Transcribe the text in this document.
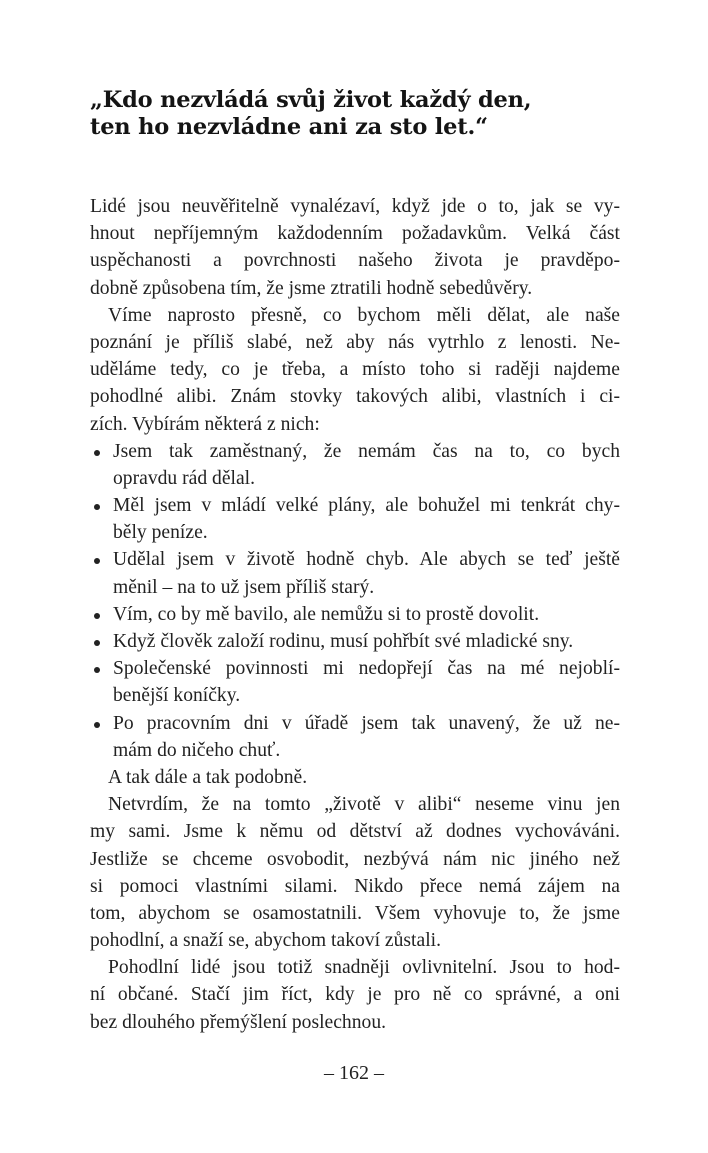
„Kdo nezvládá svůj život každý den,
ten ho nezvládne ani za sto let.“
Lidé jsou neuvěřitelně vynalézaví, když jde o to, jak se vy-
hnout nepříjemným každodenním požadavkům. Velká část
uspěchanosti a povrchnosti našeho života je pravděpo-
dobně způsobena tím, že jsme ztratili hodně sebedůvěry.
Víme naprosto přesně, co bychom měli dělat, ale naše
poznání je příliš slabé, než aby nás vytrhlo z lenosti. Ne-
uděláme tedy, co je třeba, a místo toho si raději najdeme
pohodlné alibi. Znám stovky takových alibi, vlastních i ci-
zích. Vybírám některá z nich:
Jsem tak zaměstnaný, že nemám čas na to, co bych
opravdu rád dělal.
Měl jsem v mládí velké plány, ale bohužel mi tenkrát chy-
běly peníze.
Udělal jsem v životě hodně chyb. Ale abych se teď ještě
měnil – na to už jsem příliš starý.
Vím, co by mě bavilo, ale nemůžu si to prostě dovolit.
Když člověk založí rodinu, musí pohřbít své mladické sny.
Společenské povinnosti mi nedopřejí čas na mé nejoblí-
benější koníčky.
Po pracovním dni v úřadě jsem tak unavený, že už ne-
mám do ničeho chuť.
A tak dále a tak podobně.
Netvrdím, že na tomto „životě v alibi“ neseme vinu jen
my sami. Jsme k němu od dětství až dodnes vychováváni.
Jestliže se chceme osvobodit, nezbývá nám nic jiného než
si pomoci vlastními silami. Nikdo přece nemá zájem na
tom, abychom se osamostatnili. Všem vyhovuje to, že jsme
pohodlní, a snaží se, abychom takoví zůstali.
Pohodlní lidé jsou totiž snadněji ovlivnitelní. Jsou to hod-
ní občané. Stačí jim říct, kdy je pro ně co správné, a oni
bez dlouhého přemýšlení poslechnou.
– 162 –
